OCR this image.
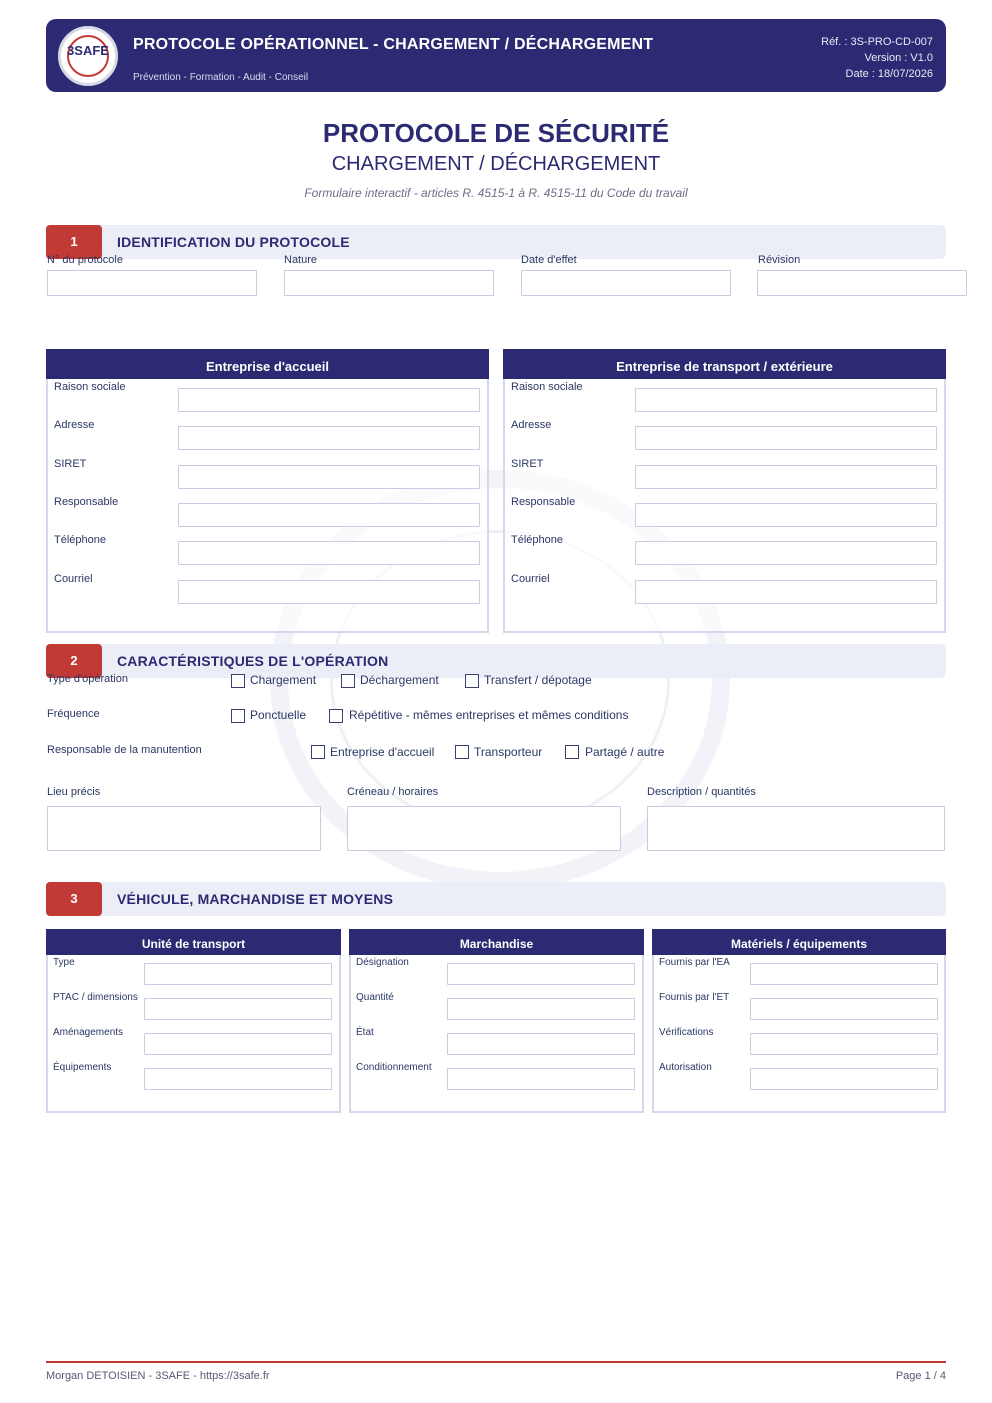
3SAFE	PROTOCOLE OPÉRATIONNEL - CHARGEMENT / DÉCHARGEMENT
Prévention - Formation - Audit - Conseil
Réf. : 3S-PRO-CD-007
Version : V1.0
Date : 18/07/2026
PROTOCOLE DE SÉCURITÉ
CHARGEMENT / DÉCHARGEMENT
Formulaire interactif - articles R. 4515-1 à R. 4515-11 du Code du travail
1	IDENTIFICATION DU PROTOCOLE
N° du protocole	Nature	Date d'effet	Révision
Entreprise d'accueil
Raison sociale
Adresse
SIRET
Responsable
Téléphone
Courriel
Entreprise de transport / extérieure
Raison sociale
Adresse
SIRET
Responsable
Téléphone
Courriel
2	CARACTÉRISTIQUES DE L'OPÉRATION
Type d'opération	Chargement	Déchargement	Transfert / dépotage
Fréquence	Ponctuelle	Répétitive - mêmes entreprises et mêmes conditions
Responsable de la manutention	Entreprise d'accueil	Transporteur	Partagé / autre
Lieu précis	Créneau / horaires	Description / quantités
3	VÉHICULE, MARCHANDISE ET MOYENS
Unité de transport
Type
PTAC / dimensions
Aménagements
Équipements
Marchandise
Désignation
Quantité
État
Conditionnement
Matériels / équipements
Fournis par l'EA
Fournis par l'ET
Vérifications
Autorisation
Morgan DETOISIEN - 3SAFE - https://3safe.fr	Page 1 / 4
